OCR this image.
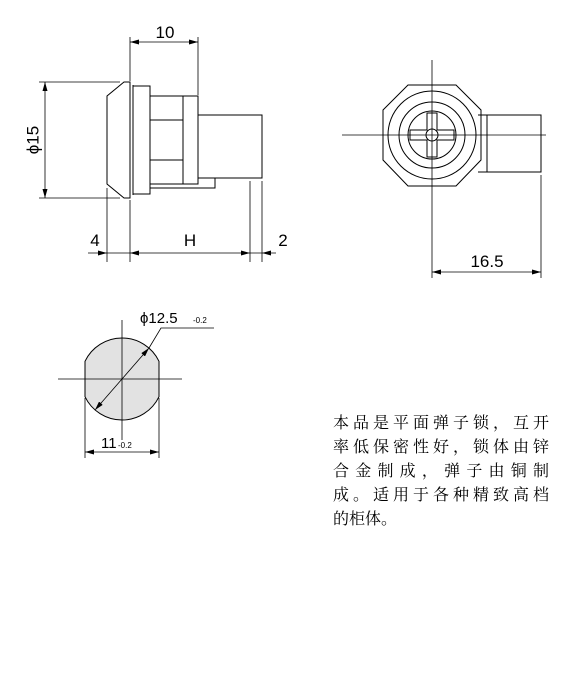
10
ϕ15
4	H	2
16.5
ϕ12.5 -0.2
11 -0.2
本品是平面弹子锁，互开
率低保密性好，锁体由锌
合金制成，弹子由铜制
成。适用于各种精致高档
的柜体。
